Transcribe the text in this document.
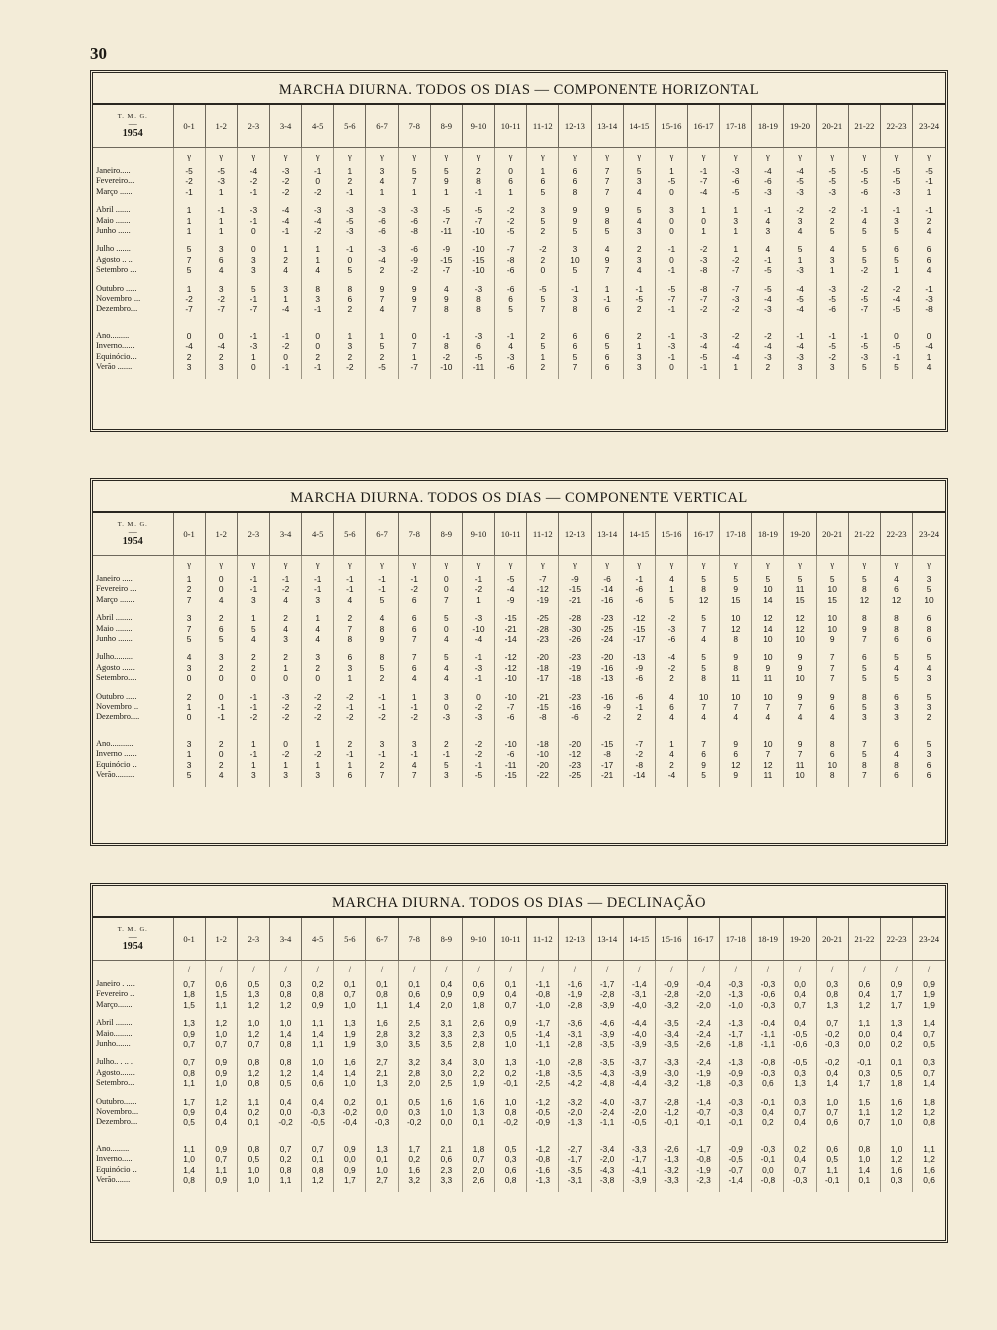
30
MARCHA DIURNA. TODOS OS DIAS — COMPONENTE HORIZONTAL
T. M. G.
—
1954	0-1	1-2	2-3	3-4	4-5	5-6	6-7	7-8	8-9	9-10	10-11	11-12	12-13	13-14	14-15	15-16	16-17	17-18	18-19	19-20	20-21	21-22	22-23	23-24
	γ	γ	γ	γ	γ	γ	γ	γ	γ	γ	γ	γ	γ	γ	γ	γ	γ	γ	γ	γ	γ	γ	γ	γ
Janeiro.....	-5	-5	-4	-3	-1	1	3	5	5	2	0	1	6	7	5	1	-1	-3	-4	-4	-5	-5	-5	-5
Fevereiro...	-2	-3	-2	-2	0	2	4	7	9	8	6	6	6	7	3	-5	-7	-6	-6	-5	-5	-5	-5	-1
Março ......	-1	1	-1	-2	-2	-1	1	1	1	-1	1	5	8	7	4	0	-4	-5	-3	-3	-3	-6	-3	1

Abril .......	1	-1	-3	-4	-3	-3	-3	-3	-5	-5	-2	3	9	9	5	3	1	1	-1	-2	-2	-1	-1	-1
Maio .......	1	1	-1	-4	-4	-5	-6	-6	-7	-7	-2	5	9	8	4	0	0	3	4	3	2	4	3	2
Junho ......	1	1	0	-1	-2	-3	-6	-8	-11	-10	-5	2	5	5	3	0	1	1	3	4	5	5	5	4

Julho .......	5	3	0	1	1	-1	-3	-6	-9	-10	-7	-2	3	4	2	-1	-2	1	4	5	4	5	6	6
Agosto .. ..	7	6	3	2	1	0	-4	-9	-15	-15	-8	2	10	9	3	0	-3	-2	-1	1	3	5	5	6
Setembro ...	5	4	3	4	4	5	2	-2	-7	-10	-6	0	5	7	4	-1	-8	-7	-5	-3	1	-2	1	4

Outubro .....	1	3	5	3	8	8	9	9	4	-3	-6	-5	-1	1	-1	-5	-8	-7	-5	-4	-3	-2	-2	-1
Novembro ...	-2	-2	-1	1	3	6	7	9	9	8	6	5	3	-1	-5	-7	-7	-3	-4	-5	-5	-5	-4	-3
Dezembro...	-7	-7	-7	-4	-1	2	4	7	8	8	5	7	8	6	2	-1	-2	-2	-3	-4	-6	-7	-5	-8

Ano.........	0	0	-1	-1	0	1	1	0	-1	-3	-1	2	6	6	2	-1	-3	-2	-2	-1	-1	-1	0	0
Inverno......	-4	-4	-3	-2	0	3	5	7	8	6	4	5	6	5	1	-3	-4	-4	-4	-4	-5	-5	-5	-4
Equinócio...	2	2	1	0	2	2	2	1	-2	-5	-3	1	5	6	3	-1	-5	-4	-3	-3	-2	-3	-1	1
Verão .......	3	3	0	-1	-1	-2	-5	-7	-10	-11	-6	2	7	6	3	0	-1	1	2	3	3	5	5	4

MARCHA DIURNA. TODOS OS DIAS — COMPONENTE VERTICAL
T. M. G.
—
1954	0-1	1-2	2-3	3-4	4-5	5-6	6-7	7-8	8-9	9-10	10-11	11-12	12-13	13-14	14-15	15-16	16-17	17-18	18-19	19-20	20-21	21-22	22-23	23-24
	γ	γ	γ	γ	γ	γ	γ	γ	γ	γ	γ	γ	γ	γ	γ	γ	γ	γ	γ	γ	γ	γ	γ	γ
Janeiro .....	1	0	-1	-1	-1	-1	-1	-1	0	-1	-5	-7	-9	-6	-1	4	5	5	5	5	5	5	4	3
Fevereiro ...	2	0	-1	-2	-1	-1	-1	-2	0	-2	-4	-12	-15	-14	-6	1	8	9	10	11	10	8	6	5
Março .......	7	4	3	4	3	4	5	6	7	1	-9	-19	-21	-16	-6	5	12	15	14	15	15	12	12	10

Abril ........	3	2	1	2	1	2	4	6	5	-3	-15	-25	-28	-23	-12	-2	5	10	12	12	10	8	8	6
Maio ........	7	6	5	4	4	7	8	6	0	-10	-21	-28	-30	-25	-15	-3	7	12	14	12	10	9	8	8
Junho .......	5	5	4	3	4	8	9	7	4	-4	-14	-23	-26	-24	-17	-6	4	8	10	10	9	7	6	6

Julho.........	4	3	2	2	3	6	8	7	5	-1	-12	-20	-23	-20	-13	-4	5	9	10	9	7	6	5	5
Agosto ......	3	2	2	1	2	3	5	6	4	-3	-12	-18	-19	-16	-9	-2	5	8	9	9	7	5	4	4
Setembro....	0	0	0	0	0	1	2	4	4	-1	-10	-17	-18	-13	-6	2	8	11	11	10	7	5	5	3

Outubro .....	2	0	-1	-3	-2	-2	-1	1	3	0	-10	-21	-23	-16	-6	4	10	10	10	9	9	8	6	5
Novembro ..	1	-1	-1	-2	-2	-1	-1	-1	0	-2	-7	-15	-16	-9	-1	6	7	7	7	7	6	5	3	3
Dezembro....	0	-1	-2	-2	-2	-2	-2	-2	-3	-3	-6	-8	-6	-2	2	4	4	4	4	4	4	3	3	2

Ano...........	3	2	1	0	1	2	3	3	2	-2	-10	-18	-20	-15	-7	1	7	9	10	9	8	7	6	5
Inverno ......	1	0	-1	-2	-2	-1	-1	-1	-1	-2	-6	-10	-12	-8	-2	4	6	6	7	7	6	5	4	3
Equinócio ..	3	2	1	1	1	1	2	4	5	-1	-11	-20	-23	-17	-8	2	9	12	12	11	10	8	8	6
Verão.........	5	4	3	3	3	6	7	7	3	-5	-15	-22	-25	-21	-14	-4	5	9	11	10	8	7	6	6

MARCHA DIURNA. TODOS OS DIAS — DECLINAÇÃO
T. M. G.
—
1954	0-1	1-2	2-3	3-4	4-5	5-6	6-7	7-8	8-9	9-10	10-11	11-12	12-13	13-14	14-15	15-16	16-17	17-18	18-19	19-20	20-21	21-22	22-23	23-24
	/	/	/	/	/	/	/	/	/	/	/	/	/	/	/	/	/	/	/	/	/	/	/	/
Janeiro . ....	0,7	0,6	0,5	0,3	0,2	0,1	0,1	0,1	0,4	0,6	0,1	-1,1	-1,6	-1,7	-1,4	-0,9	-0,4	-0,3	-0,3	0,0	0,3	0,6	0,9	0,9
Fevereiro ..	1,8	1,5	1,3	0,8	0,8	0,7	0,8	0,6	0,9	0,9	0,4	-0,8	-1,9	-2,8	-3,1	-2,8	-2,0	-1,3	-0,6	0,4	0,8	0,4	1,7	1,9
Março.......	1,5	1,1	1,2	1,2	0,9	1,0	1,1	1,4	2,0	1,8	0,7	-1,0	-2,8	-3,9	-4,0	-3,2	-2,0	-1,0	-0,3	0,7	1,3	1,2	1,7	1,9

Abril ........	1,3	1,2	1,0	1,0	1,1	1,3	1,6	2,5	3,1	2,6	0,9	-1,7	-3,6	-4,6	-4,4	-3,5	-2,4	-1,3	-0,4	0,4	0,7	1,1	1,3	1,4
Maio.........	0,9	1,0	1,2	1,4	1,4	1,9	2,8	3,2	3,3	2,3	0,5	-1,4	-3,1	-3,9	-4,0	-3,4	-2,4	-1,7	-1,1	-0,5	-0,2	0,0	0,4	0,7
Junho.......	0,7	0,7	0,7	0,8	1,1	1,9	3,0	3,5	3,5	2,8	1,0	-1,1	-2,8	-3,5	-3,9	-3,5	-2,6	-1,8	-1,1	-0,6	-0,3	0,0	0,2	0,5

Julho.. . .. .	0,7	0,9	0,8	0,8	1,0	1,6	2,7	3,2	3,4	3,0	1,3	-1,0	-2,8	-3,5	-3,7	-3,3	-2,4	-1,3	-0,8	-0,5	-0,2	-0,1	0,1	0,3
Agosto.......	0,8	0,9	1,2	1,2	1,4	1,4	2,1	2,8	3,0	2,2	0,2	-1,8	-3,5	-4,3	-3,9	-3,0	-1,9	-0,9	-0,3	0,3	0,4	0,3	0,5	0,7
Setembro...	1,1	1,0	0,8	0,5	0,6	1,0	1,3	2,0	2,5	1,9	-0,1	-2,5	-4,2	-4,8	-4,4	-3,2	-1,8	-0,3	0,6	1,3	1,4	1,7	1,8	1,4

Outubro......	1,7	1,2	1,1	0,4	0,4	0,2	0,1	0,5	1,6	1,6	1,0	-1,2	-3,2	-4,0	-3,7	-2,8	-1,4	-0,3	-0,1	0,3	1,0	1,5	1,6	1,8
Novembro...	0,9	0,4	0,2	0,0	-0,3	-0,2	0,0	0,3	1,0	1,3	0,8	-0,5	-2,0	-2,4	-2,0	-1,2	-0,7	-0,3	0,4	0,7	0,7	1,1	1,2	1,2
Dezembro...	0,5	0,4	0,1	-0,2	-0,5	-0,4	-0,3	-0,2	0,0	0,1	-0,2	-0,9	-1,3	-1,1	-0,5	-0,1	-0,1	-0,1	0,2	0,4	0,6	0,7	1,0	0,8

Ano.........	1,1	0,9	0,8	0,7	0,7	0,9	1,3	1,7	2,1	1,8	0,5	-1,2	-2,7	-3,4	-3,3	-2,6	-1,7	-0,9	-0,3	0,2	0,6	0,8	1,0	1,1
Inverno.....	1,0	0,7	0,5	0,2	0,1	0,0	0,1	0,2	0,6	0,7	0,3	-0,8	-1,7	-2,0	-1,7	-1,3	-0,8	-0,5	-0,1	0,4	0,5	1,0	1,2	1,2
Equinócio ..	1,4	1,1	1,0	0,8	0,8	0,9	1,0	1,6	2,3	2,0	0,6	-1,6	-3,5	-4,3	-4,1	-3,2	-1,9	-0,7	0,0	0,7	1,1	1,4	1,6	1,6
Verão.......	0,8	0,9	1,0	1,1	1,2	1,7	2,7	3,2	3,3	2,6	0,8	-1,3	-3,1	-3,8	-3,9	-3,3	-2,3	-1,4	-0,8	-0,3	-0,1	0,1	0,3	0,6
